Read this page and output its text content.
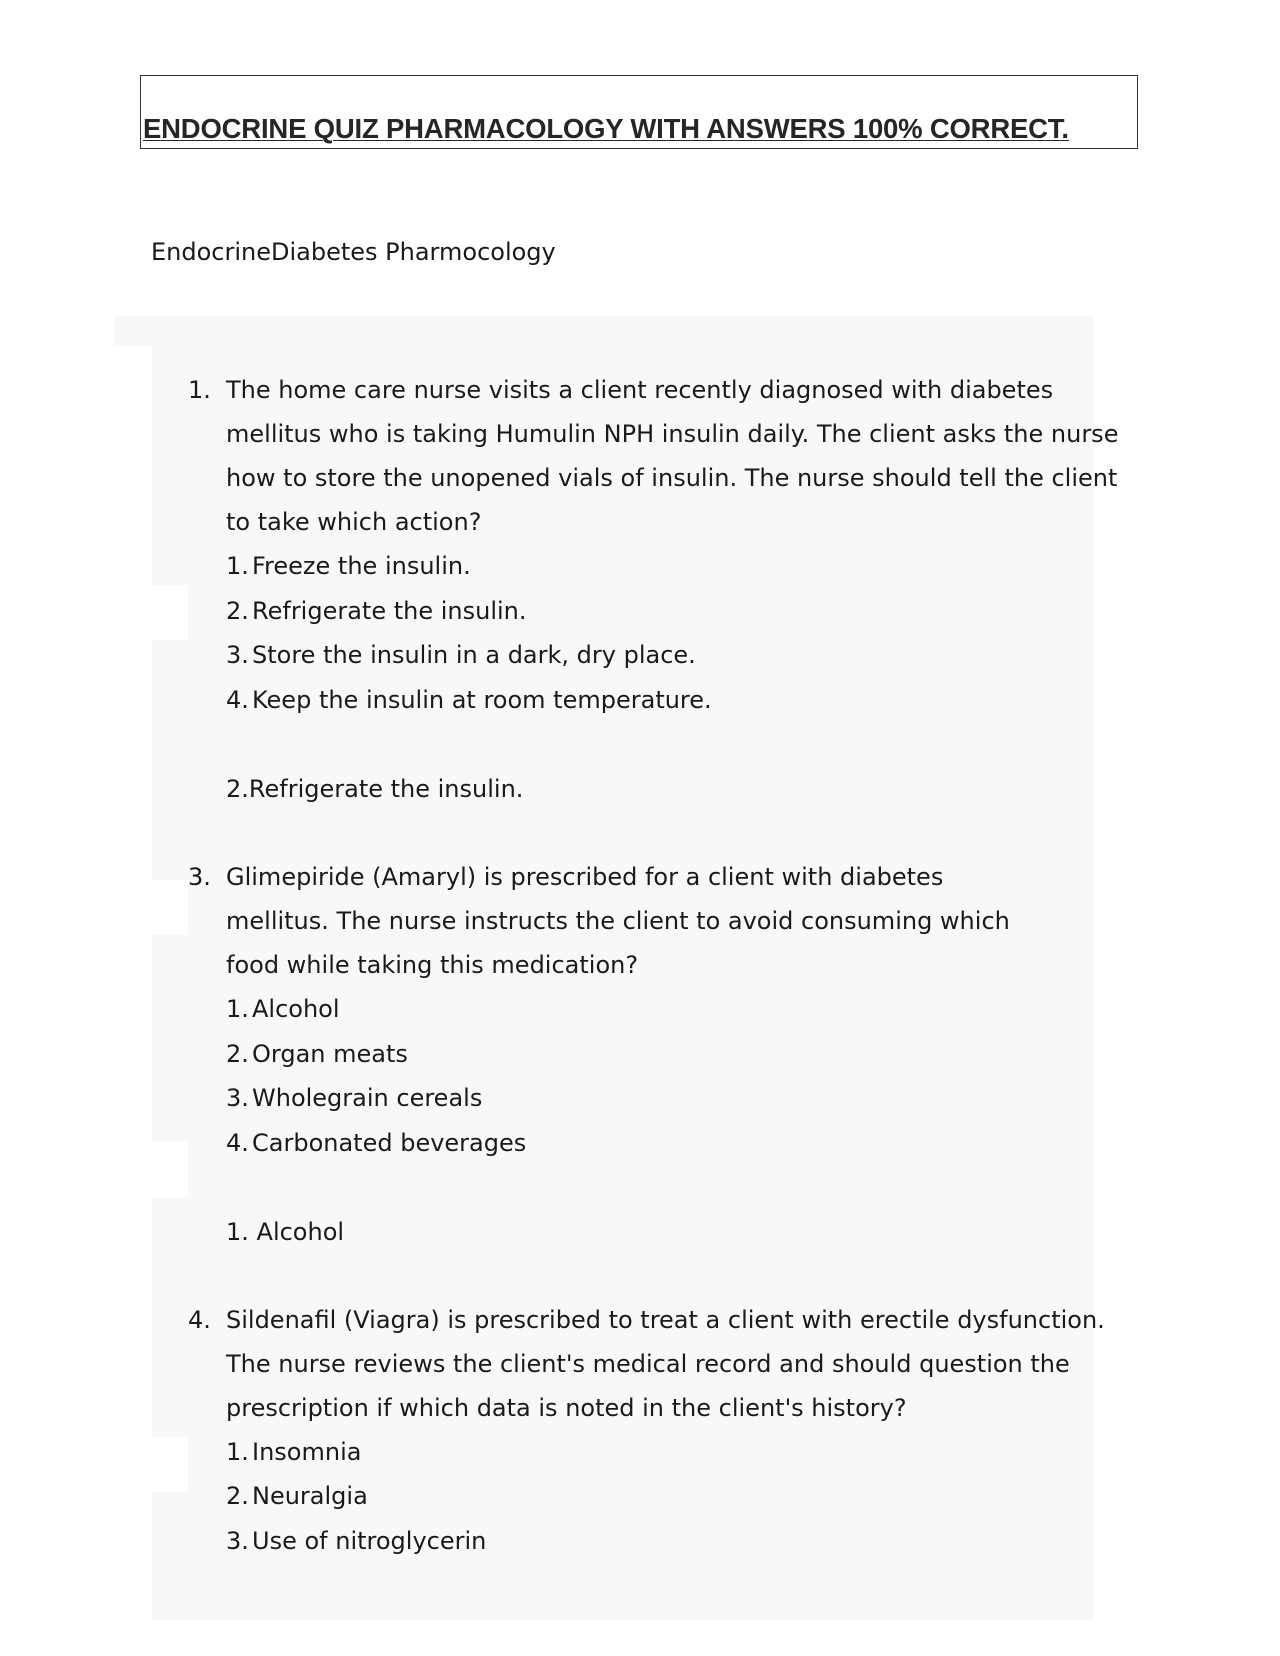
ENDOCRINE QUIZ PHARMACOLOGY WITH ANSWERS 100% CORRECT.
EndocrineDiabetes Pharmocology
1. The home care nurse visits a client recently diagnosed with diabetes mellitus who is taking Humulin NPH insulin daily. The client asks the nurse how to store the unopened vials of insulin. The nurse should tell the client to take which action?
1. Freeze the insulin.
2. Refrigerate the insulin.
3. Store the insulin in a dark, dry place.
4. Keep the insulin at room temperature.
2.Refrigerate the insulin.
3. Glimepiride (Amaryl) is prescribed for a client with diabetes mellitus. The nurse instructs the client to avoid consuming which food while taking this medication?
1. Alcohol
2. Organ meats
3. Wholegrain cereals
4. Carbonated beverages
1. Alcohol
4. Sildenafil (Viagra) is prescribed to treat a client with erectile dysfunction. The nurse reviews the client's medical record and should question the prescription if which data is noted in the client's history?
1. Insomnia
2. Neuralgia
3. Use of nitroglycerin
